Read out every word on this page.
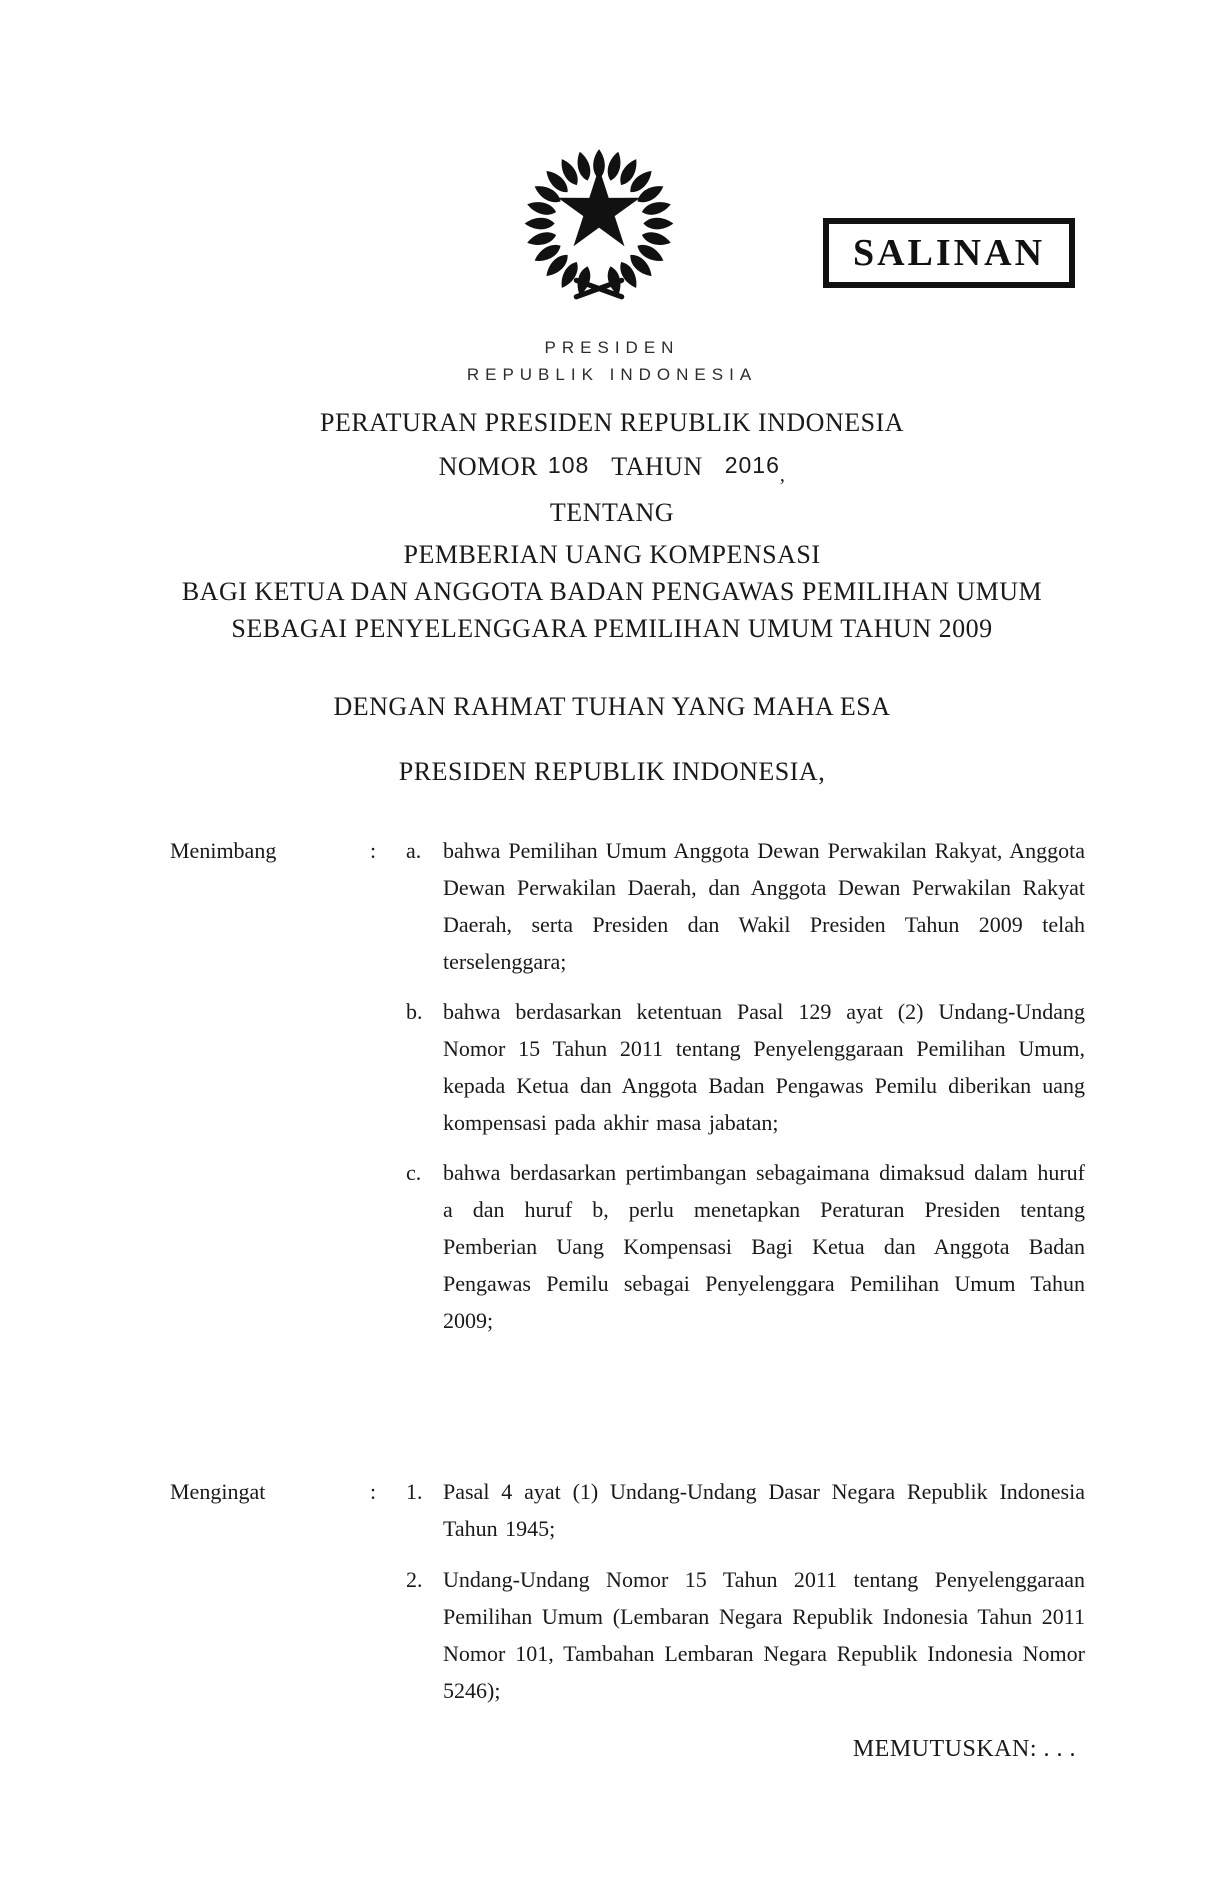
SALINAN
PRESIDEN
REPUBLIK INDONESIA
PERATURAN PRESIDEN REPUBLIK INDONESIA
NOMOR 108 TAHUN $2016_,$
TENTANG
PEMBERIAN UANG KOMPENSASI
BAGI KETUA DAN ANGGOTA BADAN PENGAWAS PEMILIHAN UMUM
SEBAGAI PENYELENGGARA PEMILIHAN UMUM TAHUN 2009
DENGAN RAHMAT TUHAN YANG MAHA ESA
PRESIDEN REPUBLIK INDONESIA,
Menimbang	:	a. bahwa Pemilihan Umum Anggota Dewan Perwakilan Rakyat, Anggota Dewan Perwakilan Daerah, dan Anggota Dewan Perwakilan Rakyat Daerah, serta Presiden dan Wakil Presiden Tahun 2009 telah terselenggara;
b. bahwa berdasarkan ketentuan Pasal 129 ayat (2) Undang-Undang Nomor 15 Tahun 2011 tentang Penyelenggaraan Pemilihan Umum, kepada Ketua dan Anggota Badan Pengawas Pemilu diberikan uang kompensasi pada akhir masa jabatan;
c. bahwa berdasarkan pertimbangan sebagaimana dimaksud dalam huruf a dan huruf b, perlu menetapkan Peraturan Presiden tentang Pemberian Uang Kompensasi Bagi Ketua dan Anggota Badan Pengawas Pemilu sebagai Penyelenggara Pemilihan Umum Tahun 2009;
Mengingat	:	1. Pasal 4 ayat (1) Undang-Undang Dasar Negara Republik Indonesia Tahun 1945;
2. Undang-Undang Nomor 15 Tahun 2011 tentang Penyelenggaraan Pemilihan Umum (Lembaran Negara Republik Indonesia Tahun 2011 Nomor 101, Tambahan Lembaran Negara Republik Indonesia Nomor 5246);
MEMUTUSKAN: . . .
